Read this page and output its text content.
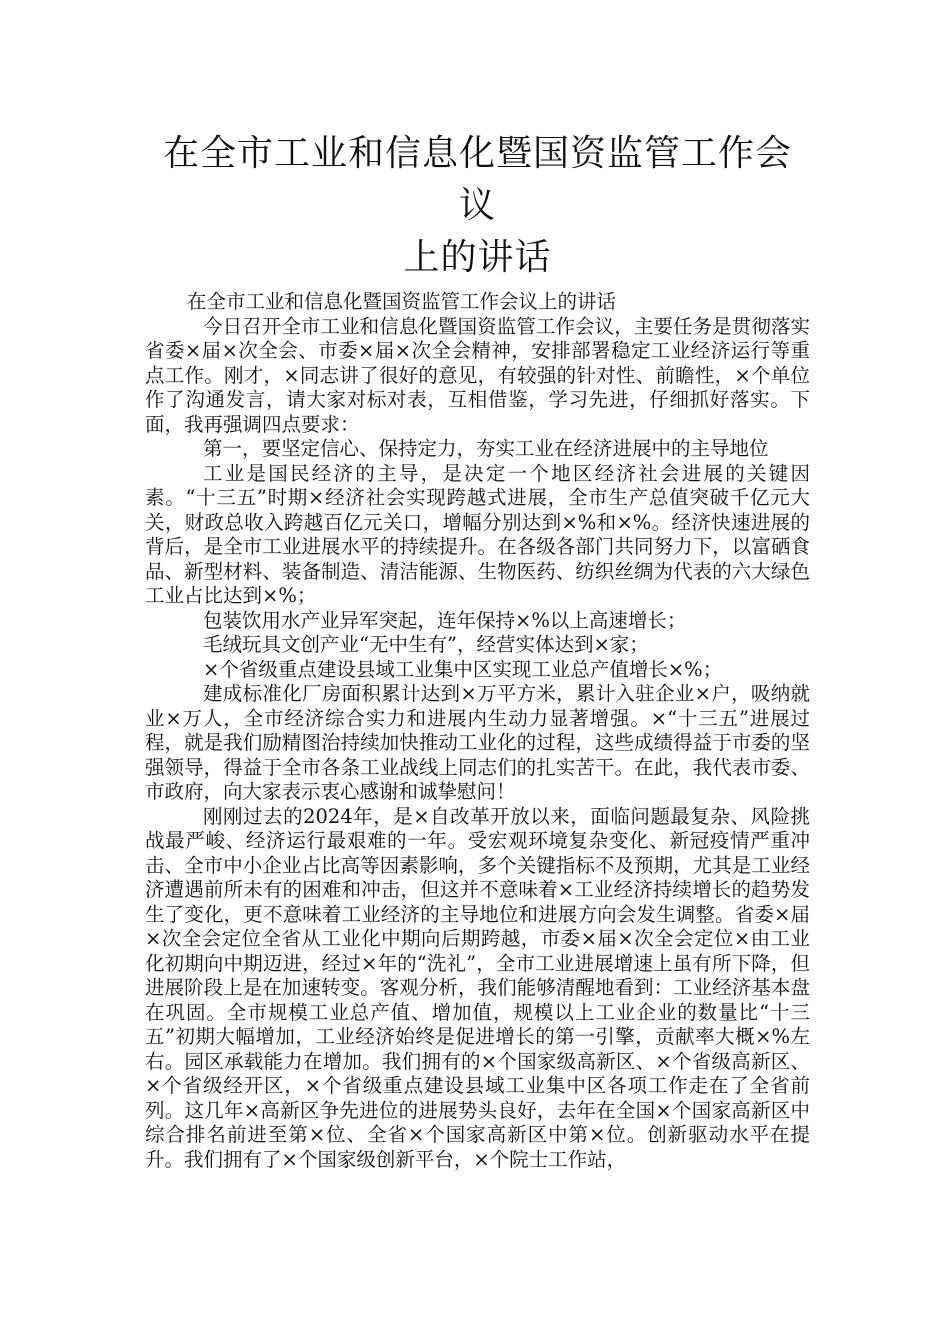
在全市工业和信息化暨国资监管工作会议
上的讲话

在全市工业和信息化暨国资监管工作会议上的讲话

今日召开全市工业和信息化暨国资监管工作会议，主要任务是贯彻落实省委×届×次全会、市委×届×次全会精神，安排部署稳定工业经济运行等重点工作。刚才，×同志讲了很好的意见，有较强的针对性、前瞻性，×个单位作了沟通发言，请大家对标对表，互相借鉴，学习先进，仔细抓好落实。下面，我再强调四点要求：

第一，要坚定信心、保持定力，夯实工业在经济进展中的主导地位

工业是国民经济的主导，是决定一个地区经济社会进展的关键因素。“十三五”时期×经济社会实现跨越式进展，全市生产总值突破千亿元大关，财政总收入跨越百亿元关口，增幅分别达到×%和×%。经济快速进展的背后，是全市工业进展水平的持续提升。在各级各部门共同努力下，以富硒食品、新型材料、装备制造、清洁能源、生物医药、纺织丝绸为代表的六大绿色工业占比达到×%；

包装饮用水产业异军突起，连年保持×%以上高速增长；

毛绒玩具文创产业“无中生有”，经营实体达到×家；

×个省级重点建设县域工业集中区实现工业总产值增长×%；

建成标准化厂房面积累计达到×万平方米，累计入驻企业×户，吸纳就业×万人，全市经济综合实力和进展内生动力显著增强。×“十三五”进展过程，就是我们励精图治持续加快推动工业化的过程，这些成绩得益于市委的坚强领导，得益于全市各条工业战线上同志们的扎实苦干。在此，我代表市委、市政府，向大家表示衷心感谢和诚挚慰问！

刚刚过去的2024年，是×自改革开放以来，面临问题最复杂、风险挑战最严峻、经济运行最艰难的一年。受宏观环境复杂变化、新冠疫情严重冲击、全市中小企业占比高等因素影响，多个关键指标不及预期，尤其是工业经济遭遇前所未有的困难和冲击，但这并不意味着×工业经济持续增长的趋势发生了变化，更不意味着工业经济的主导地位和进展方向会发生调整。省委×届×次全会定位全省从工业化中期向后期跨越，市委×届×次全会定位×由工业化初期向中期迈进，经过×年的“洗礼”，全市工业进展增速上虽有所下降，但进展阶段上是在加速转变。客观分析，我们能够清醒地看到：工业经济基本盘在巩固。全市规模工业总产值、增加值，规模以上工业企业的数量比“十三五”初期大幅增加，工业经济始终是促进增长的第一引擎，贡献率大概×%左右。园区承载能力在增加。我们拥有的×个国家级高新区、×个省级高新区、×个省级经开区，×个省级重点建设县域工业集中区各项工作走在了全省前列。这几年×高新区争先进位的进展势头良好，去年在全国×个国家高新区中综合排名前进至第×位、全省×个国家高新区中第×位。创新驱动水平在提升。我们拥有了×个国家级创新平台，×个院士工作站，
